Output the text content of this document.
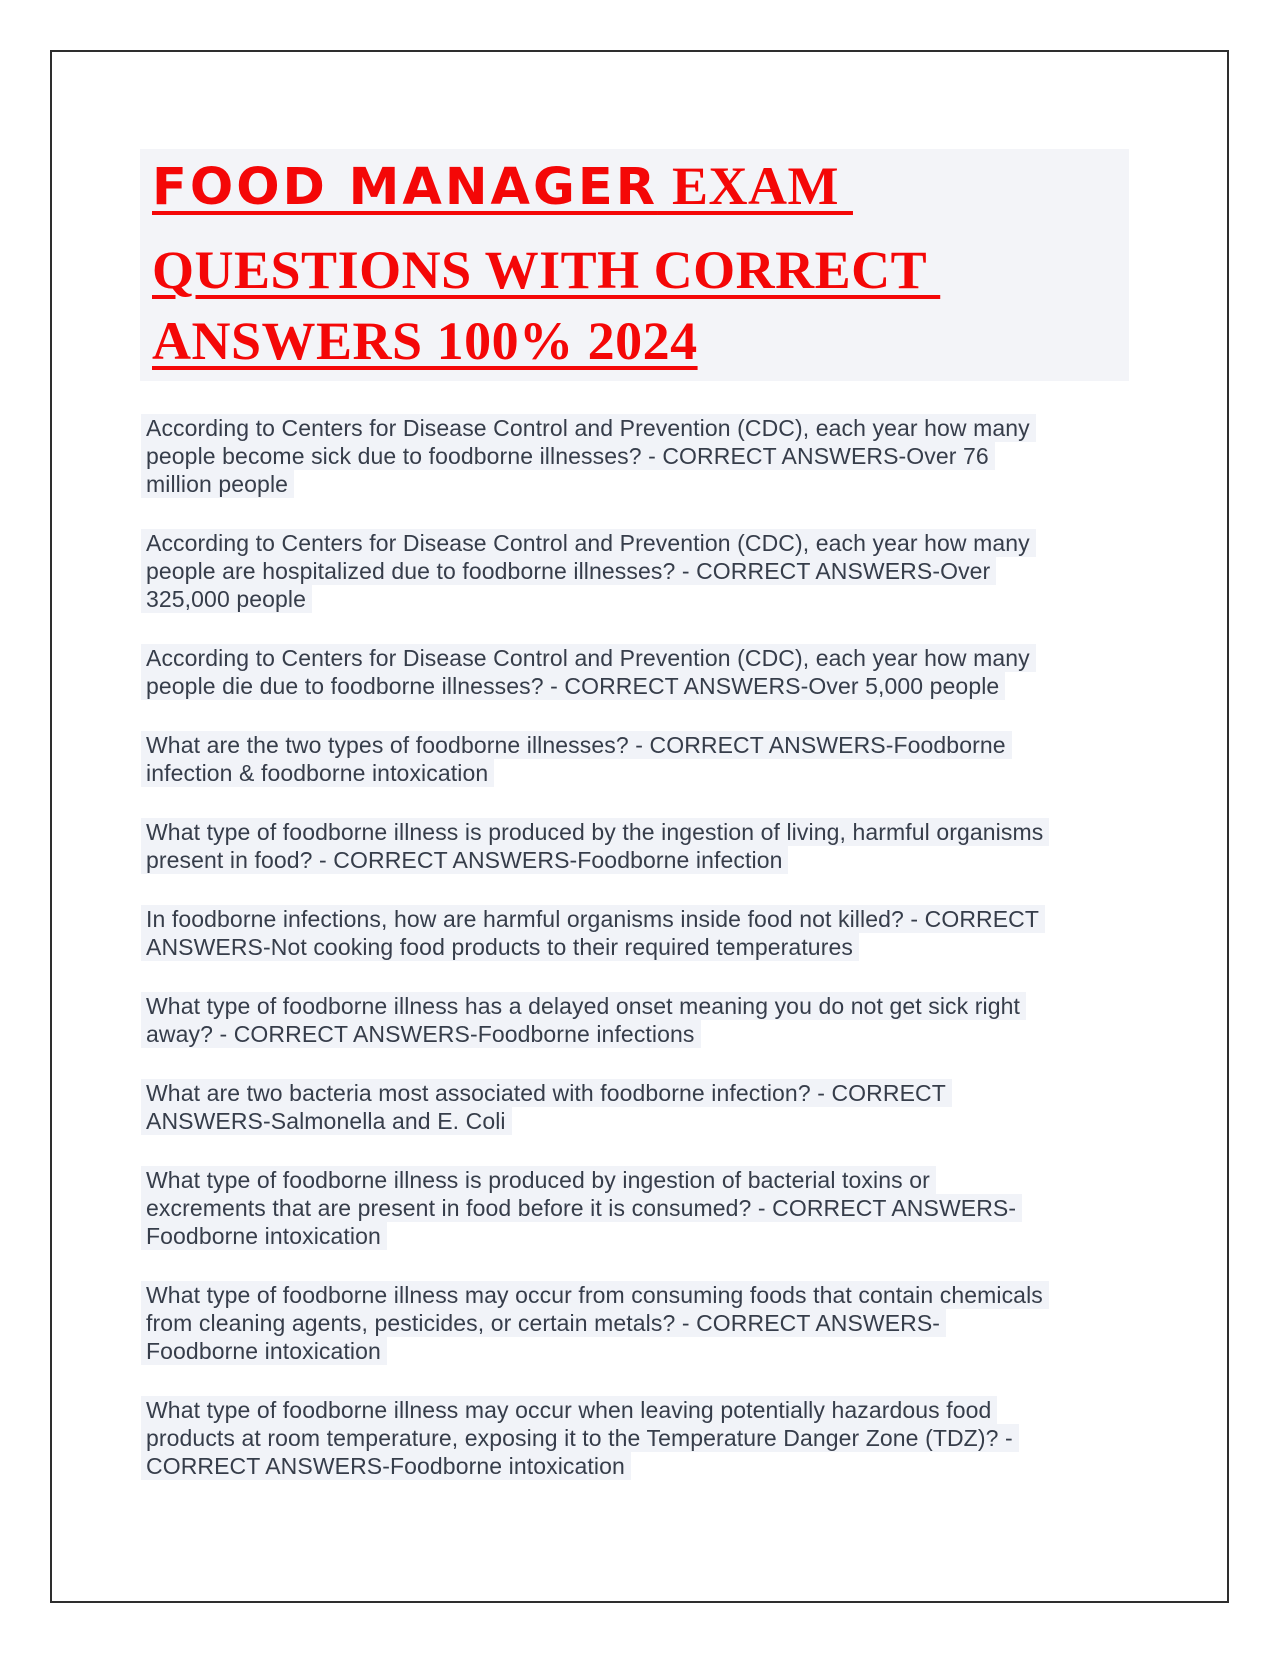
FOOD MANAGER EXAM
QUESTIONS WITH CORRECT
ANSWERS 100% 2024

According to Centers for Disease Control and Prevention (CDC), each year how many
people become sick due to foodborne illnesses? - CORRECT ANSWERS-Over 76
million people

According to Centers for Disease Control and Prevention (CDC), each year how many
people are hospitalized due to foodborne illnesses? - CORRECT ANSWERS-Over
325,000 people

According to Centers for Disease Control and Prevention (CDC), each year how many
people die due to foodborne illnesses? - CORRECT ANSWERS-Over 5,000 people

What are the two types of foodborne illnesses? - CORRECT ANSWERS-Foodborne
infection & foodborne intoxication

What type of foodborne illness is produced by the ingestion of living, harmful organisms
present in food? - CORRECT ANSWERS-Foodborne infection

In foodborne infections, how are harmful organisms inside food not killed? - CORRECT
ANSWERS-Not cooking food products to their required temperatures

What type of foodborne illness has a delayed onset meaning you do not get sick right
away? - CORRECT ANSWERS-Foodborne infections

What are two bacteria most associated with foodborne infection? - CORRECT
ANSWERS-Salmonella and E. Coli

What type of foodborne illness is produced by ingestion of bacterial toxins or
excrements that are present in food before it is consumed? - CORRECT ANSWERS-
Foodborne intoxication

What type of foodborne illness may occur from consuming foods that contain chemicals
from cleaning agents, pesticides, or certain metals? - CORRECT ANSWERS-
Foodborne intoxication

What type of foodborne illness may occur when leaving potentially hazardous food
products at room temperature, exposing it to the Temperature Danger Zone (TDZ)? -
CORRECT ANSWERS-Foodborne intoxication
